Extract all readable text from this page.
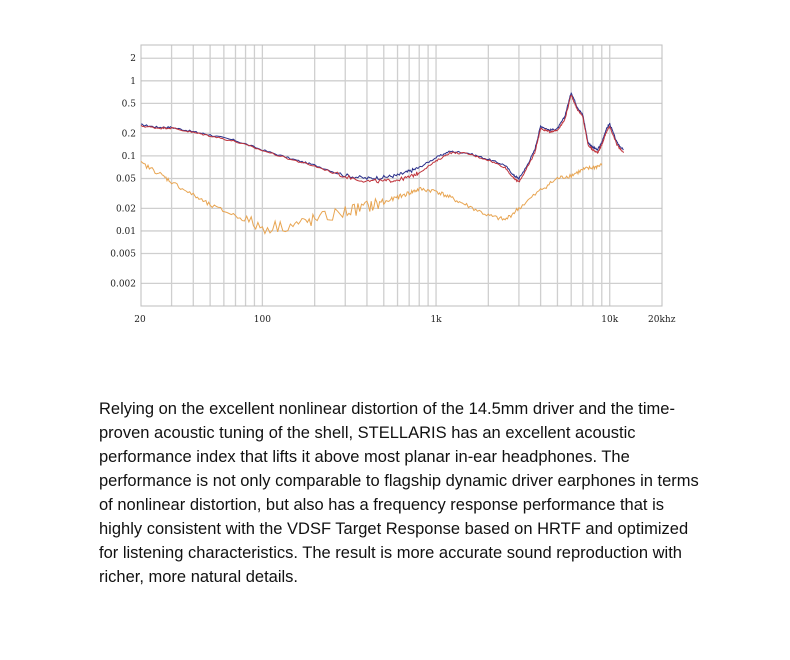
2
1
0.5
0.2
0.1
0.05
0.02
0.01
0.005
0.002
20	100	1k	10k	20khz

Relying on the excellent nonlinear distortion of the 14.5mm driver and the time-proven acoustic tuning of the shell, STELLARIS has an excellent acoustic performance index that lifts it above most planar in-ear headphones. The performance is not only comparable to flagship dynamic driver earphones in terms of nonlinear distortion, but also has a frequency response performance that is highly consistent with the VDSF Target Response based on HRTF and optimized for listening characteristics. The result is more accurate sound reproduction with richer, more natural details.
